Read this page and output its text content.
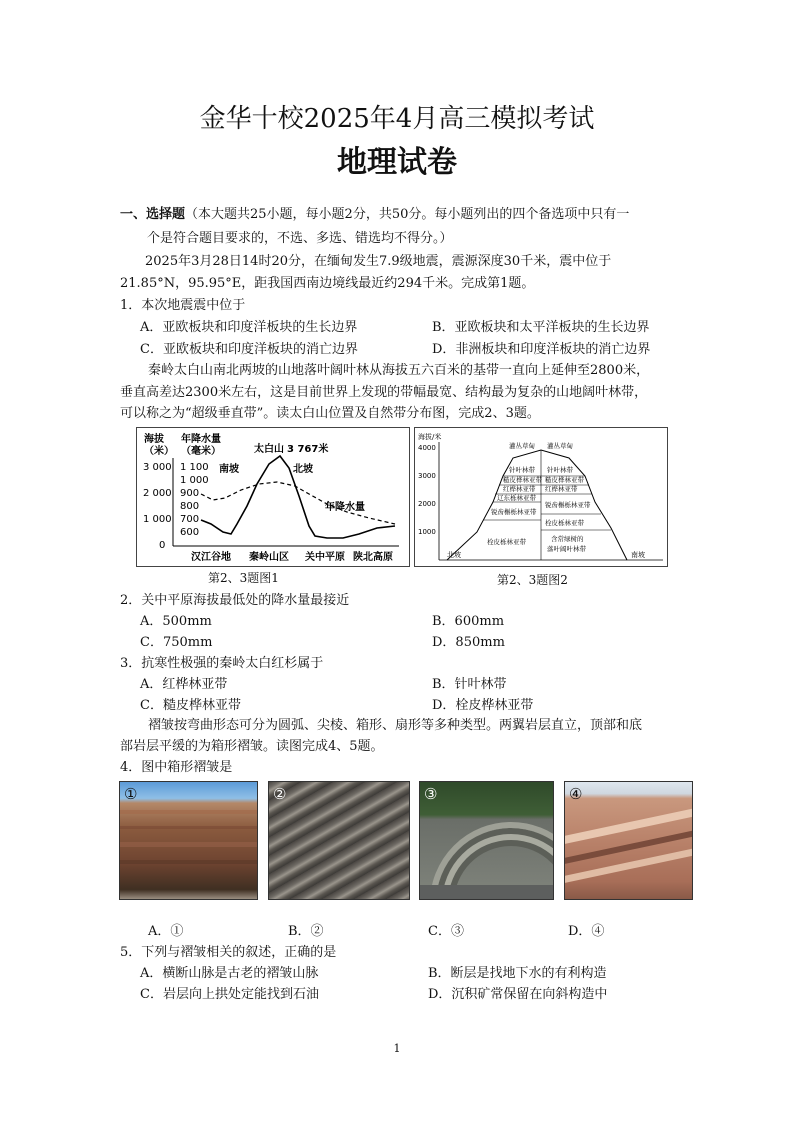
金华十校2025年4月高三模拟考试
地理试卷
一、选择题（本大题共25小题，每小题2分，共50分。每小题列出的四个备选项中只有一
个是符合题目要求的，不选、多选、错选均不得分。）
2025年3月28日14时20分，在缅甸发生7.9级地震，震源深度30千米，震中位于
21.85°N，95.95°E，距我国西南边境线最近约294千米。完成第1题。
1．本次地震震中位于
A．亚欧板块和印度洋板块的生长边界	B．亚欧板块和太平洋板块的生长边界
C．亚欧板块和印度洋板块的消亡边界	D．非洲板块和印度洋板块的消亡边界
秦岭太白山南北两坡的山地落叶阔叶林从海拔五六百米的基带一直向上延伸至2800米，
垂直高差达2300米左右，这是目前世界上发现的带幅最宽、结构最为复杂的山地阔叶林带，
可以称之为“超级垂直带”。读太白山位置及自然带分布图，完成2、3题。
海拔
（米）
年降水量
（毫米）
3 000
2 000
1 000
0
1 100
1 000
900
800
700
600
太白山 3 767米
南坡	北坡
年降水量
汉江谷地 秦岭山区 关中平原 陕北高原
第2、3题图1
海拔/米
4000
3000
2000
1000
灌丛草甸 灌丛草甸
针叶林带
糙皮桦林亚带
红桦林亚带
辽东栎林亚带
锐齿槲栎林亚带
栓皮栎林亚带
针叶林带
糙皮桦林亚带
红桦林亚带
锐齿槲栎林亚带
栓皮栎林亚带
含常绿树的
落叶阔叶林带
北坡	南坡
第2、3题图2
2．关中平原海拔最低处的降水量最接近
A．500mm	B．600mm
C．750mm	D．850mm
3．抗寒性极强的秦岭太白红杉属于
A．红桦林亚带	B．针叶林带
C．糙皮桦林亚带	D．栓皮桦林亚带
褶皱按弯曲形态可分为圆弧、尖棱、箱形、扇形等多种类型。两翼岩层直立，顶部和底
部岩层平缓的为箱形褶皱。读图完成4、5题。
4．图中箱形褶皱是
①	②	③	④
A．①	B．②	C．③	D．④
5．下列与褶皱相关的叙述，正确的是
A．横断山脉是古老的褶皱山脉	B．断层是找地下水的有利构造
C．岩层向上拱处定能找到石油	D．沉积矿常保留在向斜构造中
1
